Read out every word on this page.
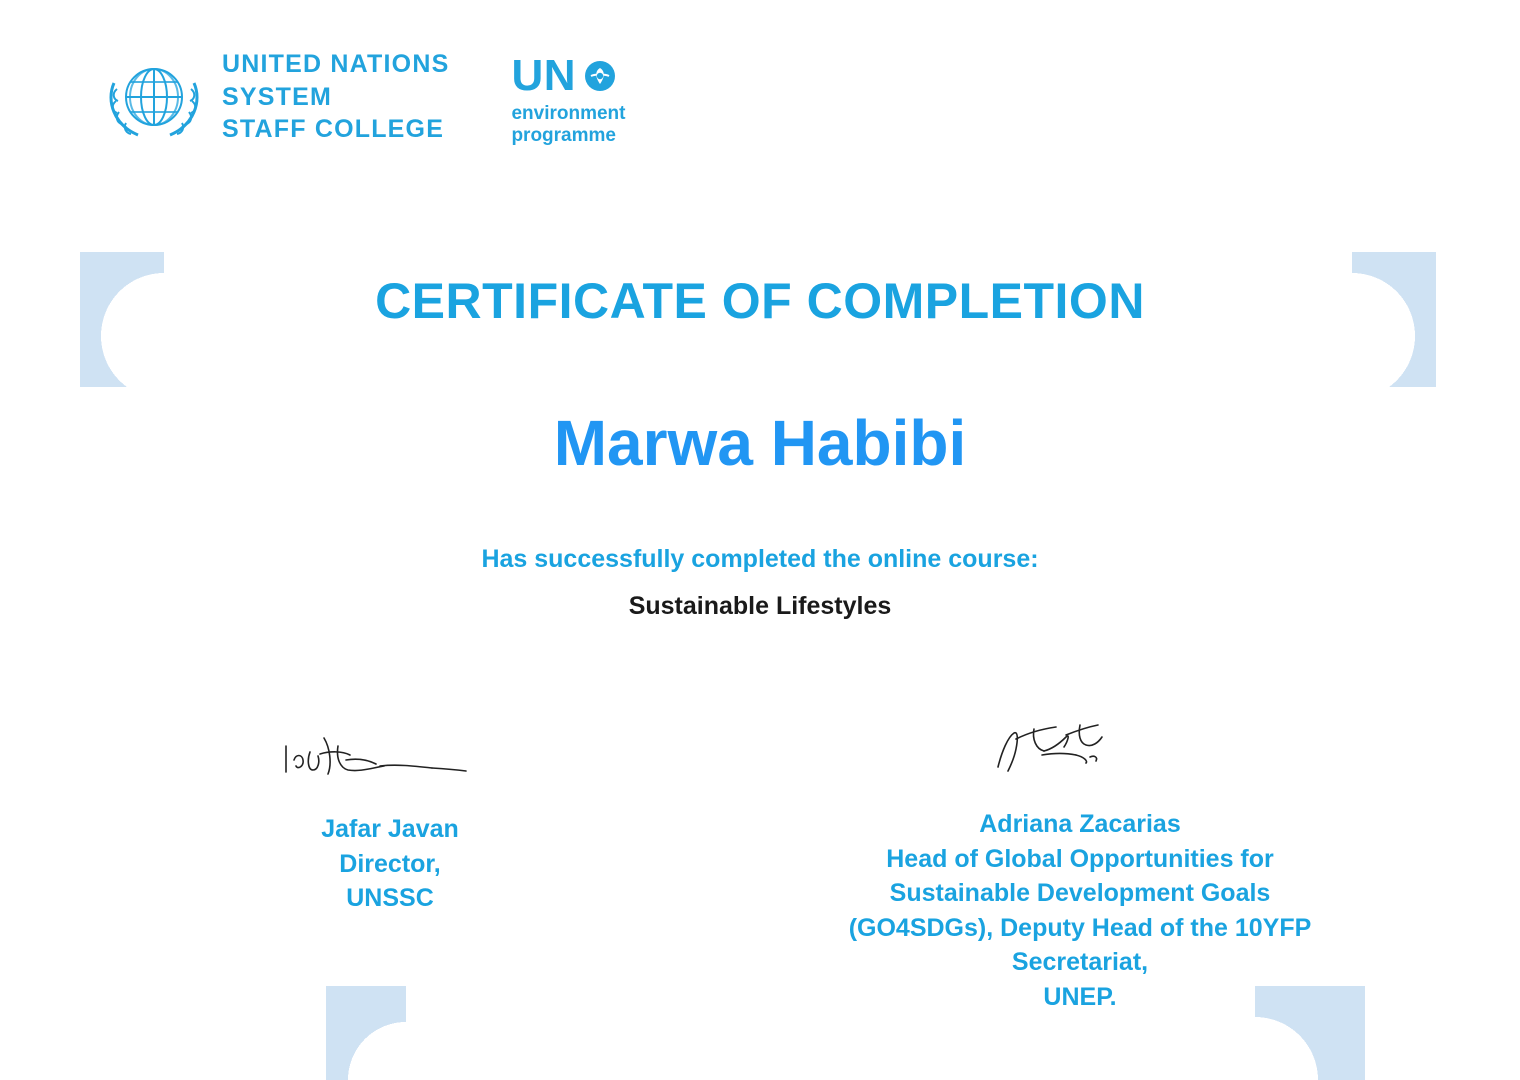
UNITED NATIONS
SYSTEM
STAFF COLLEGE
UN
environment
programme
CERTIFICATE OF COMPLETION
Marwa Habibi
Has successfully completed the online course:
Sustainable Lifestyles
Jafar Javan
Director,
UNSSC
Adriana Zacarias
Head of Global Opportunities for
Sustainable Development Goals
(GO4SDGs), Deputy Head of the 10YFP
Secretariat,
UNEP.
